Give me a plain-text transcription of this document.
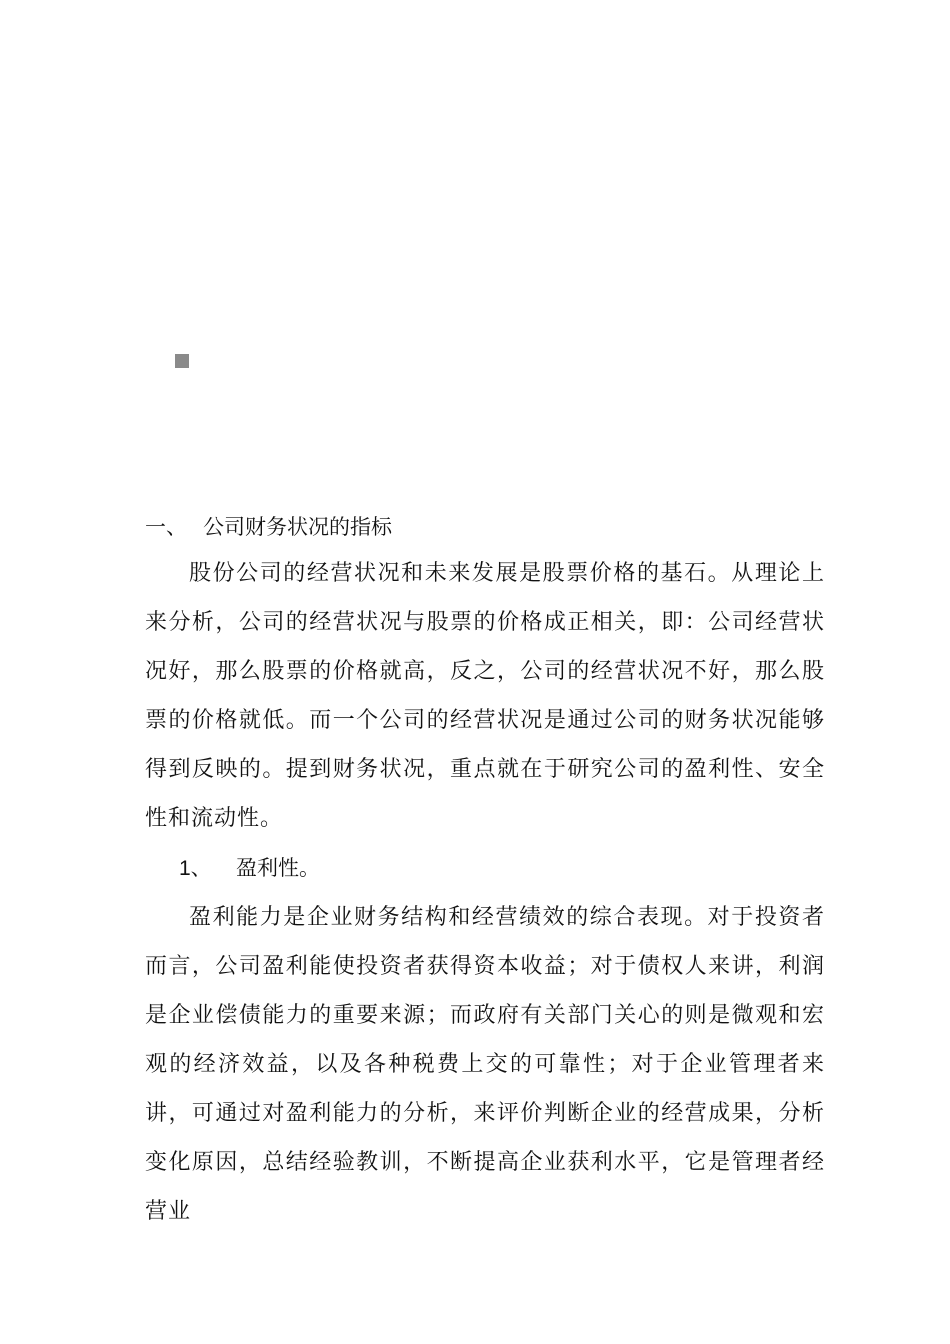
一、 公司财务状况的指标

股份公司的经营状况和未来发展是股票价格的基石。从理论上来分析，公司的经营状况与股票的价格成正相关，即：公司经营状况好，那么股票的价格就高，反之，公司的经营状况不好，那么股票的价格就低。而一个公司的经营状况是通过公司的财务状况能够得到反映的。提到财务状况，重点就在于研究公司的盈利性、安全性和流动性。

1、 盈利性。

盈利能力是企业财务结构和经营绩效的综合表现。对于投资者而言，公司盈利能使投资者获得资本收益；对于债权人来讲，利润是企业偿债能力的重要来源；而政府有关部门关心的则是微观和宏观的经济效益，以及各种税费上交的可靠性；对于企业管理者来讲，可通过对盈利能力的分析，来评价判断企业的经营成果，分析变化原因，总结经验教训，不断提高企业获利水平，它是管理者经营业
